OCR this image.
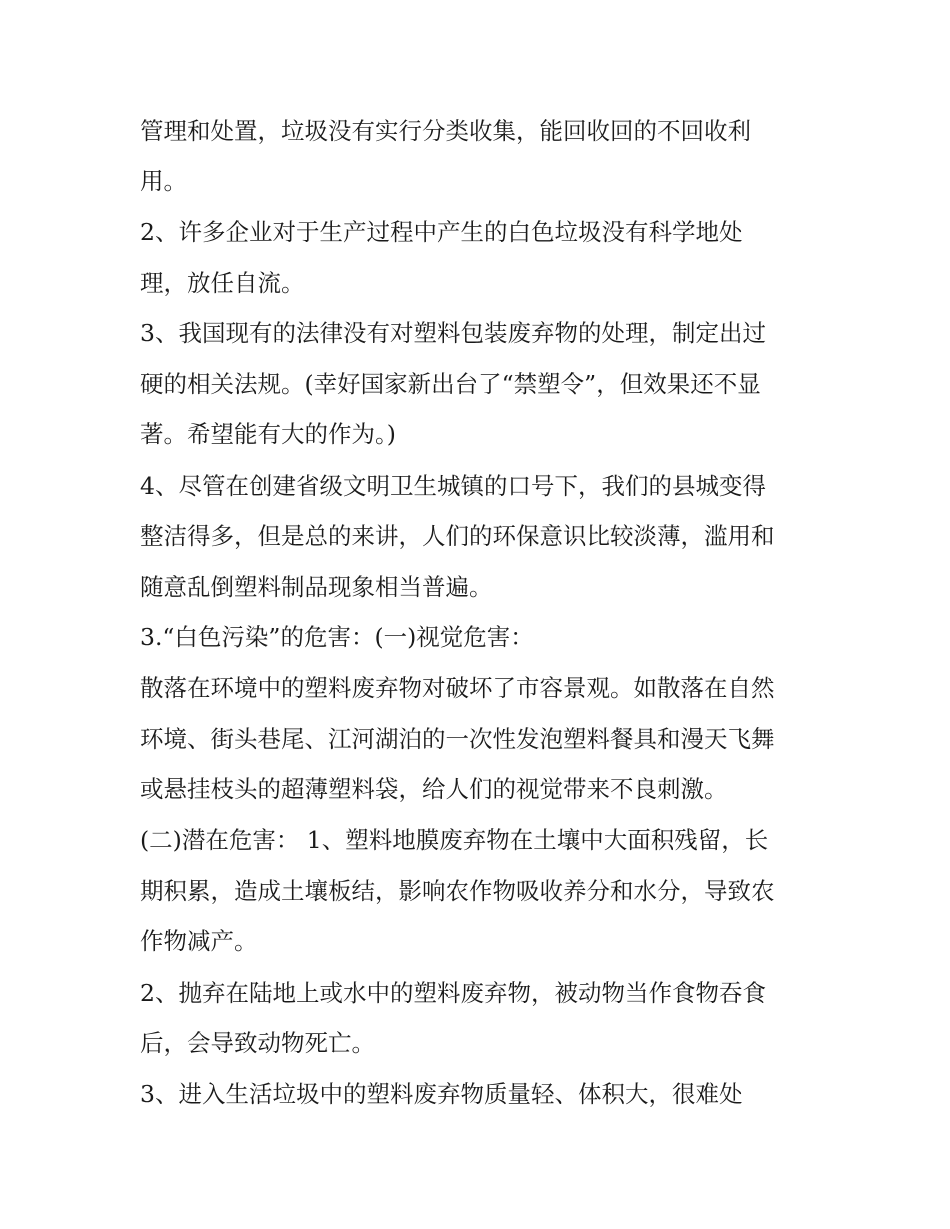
管理和处置，垃圾没有实行分类收集，能回收回的不回收利

用。

2、许多企业对于生产过程中产生的白色垃圾没有科学地处

理，放任自流。

3、我国现有的法律没有对塑料包装废弃物的处理，制定出过

硬的相关法规。(幸好国家新出台了“禁塑令”，但效果还不显

著。希望能有大的作为。)

4、尽管在创建省级文明卫生城镇的口号下，我们的县城变得

整洁得多，但是总的来讲，人们的环保意识比较淡薄，滥用和

随意乱倒塑料制品现象相当普遍。

3.“白色污染”的危害：(一)视觉危害：

散落在环境中的塑料废弃物对破坏了市容景观。如散落在自然

环境、街头巷尾、江河湖泊的一次性发泡塑料餐具和漫天飞舞

或悬挂枝头的超薄塑料袋，给人们的视觉带来不良刺激。

(二)潜在危害： 1、塑料地膜废弃物在土壤中大面积残留，长

期积累，造成土壤板结，影响农作物吸收养分和水分，导致农

作物减产。

2、抛弃在陆地上或水中的塑料废弃物，被动物当作食物吞食

后，会导致动物死亡。

3、进入生活垃圾中的塑料废弃物质量轻、体积大，很难处
